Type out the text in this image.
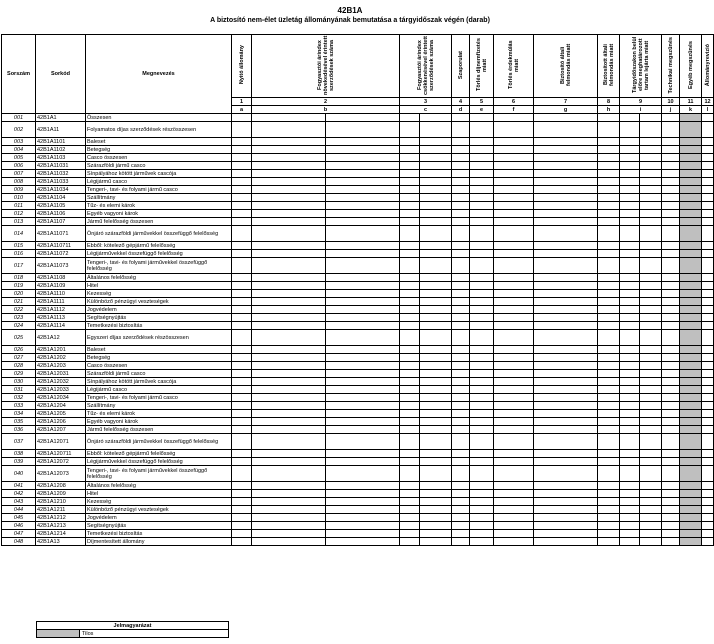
42B1A
A biztosító nem-élet üzletág állományának bemutatása a tárgyidőszak végén (darab)
Sorszám	Sorkód	Megnevezés	Nyitó állomány	Fogyasztói árindex növekedésével érintett szerződések száma		Fogyasztói árindex csökkenésével érintett szerződések száma		Szaporulat	Törlés díjnemfizetés miatt	Törlés érdekmúlás miatt	Biztosító általi felmondás miatt	Biztosított általi felmondás miatt	Tárgyidőszakon belül előre meghatározott tartam lejárta miatt		Technikai megszűnés	Egyéb megszűnés	Állományrevizió			
			1	2		3		4	5	6	7	8	9		10	11	12			
			a	b		c		d	e	f	g	h	i		j	k	l			
001	42B1A1	Összesen																
002	42B1A11	Folyamatos díjas szerződések részösszesen																
003	42B1A1101	Baleset																
004	42B1A1102	Betegség																
005	42B1A1103	Casco összesen																
006	42B1A11031	Szárazföldi jármű casco																
007	42B1A11032	Sínpályához kötött járművek cascója																
008	42B1A11033	Légijármű casco																
009	42B1A11034	Tengeri-, tavi- és folyami jármű casco																
010	42B1A1104	Szállítmány																
011	42B1A1105	Tűz- és elemi károk																
012	42B1A1106	Egyéb vagyoni károk																
013	42B1A1107	Jármű felelősség összesen																
014	42B1A11071	Önjáró szárazföldi járművekkel összefüggő felelősség																
015	42B1A110711	Ebből: kötelező gépjármű felelősség																
016	42B1A11072	Légijárművekkel összefüggő felelősség																
017	42B1A11073	Tengeri-, tavi- és folyami járművekkel összefüggő felelősség																
018	42B1A1108	Általános felelősség																
019	42B1A1109	Hitel																
020	42B1A1110	Kezesség																
021	42B1A1111	Különböző pénzügyi veszteségek																
022	42B1A1112	Jogvédelem																
023	42B1A1113	Segítségnyújtás																
024	42B1A1114	Temetkezési biztosítás																
025	42B1A12	Egyszeri díjas szerződések részösszesen																
026	42B1A1201	Baleset																
027	42B1A1202	Betegség																
028	42B1A1203	Casco összesen																
029	42B1A12031	Szárazföldi jármű casco																
030	42B1A12032	Sínpályához kötött járművek cascója																
031	42B1A12033	Légijármű casco																
032	42B1A12034	Tengeri-, tavi- és folyami jármű casco																
033	42B1A1204	Szállítmány																
034	42B1A1205	Tűz- és elemi károk																
035	42B1A1206	Egyéb vagyoni károk																
036	42B1A1207	Jármű felelősség összesen																
037	42B1A12071	Önjáró szárazföldi járművekkel összefüggő felelősség																
038	42B1A120711	Ebből: kötelező gépjármű felelősség																
039	42B1A12072	Légijárművekkel összefüggő felelősség																
040	42B1A12073	Tengeri-, tavi- és folyami járművekkel összefüggő felelősség																
041	42B1A1208	Általános felelősség																
042	42B1A1209	Hitel																
043	42B1A1210	Kezesség																
044	42B1A1211	Különböző pénzügyi veszteségek																
045	42B1A1212	Jogvédelem																
046	42B1A1213	Segítségnyújtás																
047	42B1A1214	Temetkezési biztosítás																
048	42B1A13	Díjmentesített állomány																
Jelmagyarázat
	Tilos
